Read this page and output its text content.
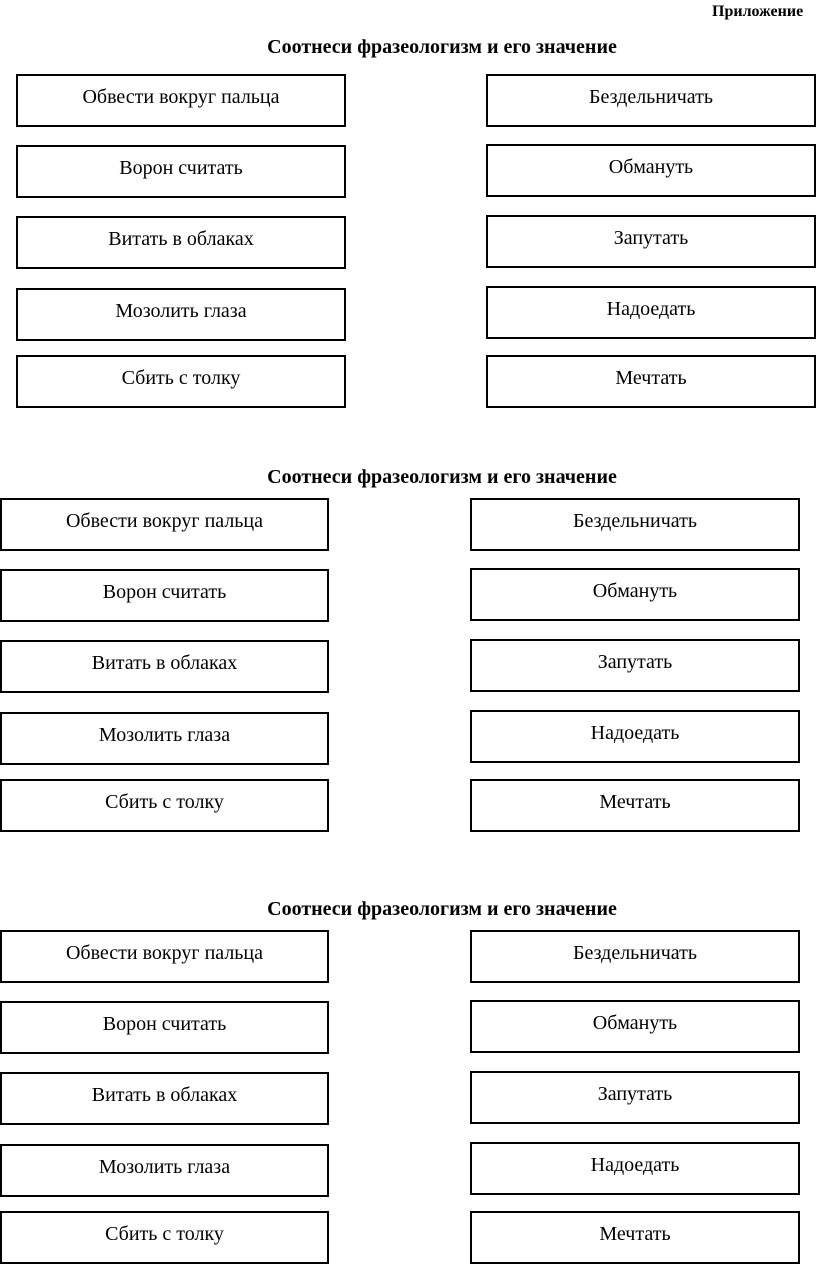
Приложение
Соотнеси фразеологизм и его значение
Обвести вокруг пальца
Ворон считать
Витать в облаках
Мозолить глаза
Сбить с толку
Бездельничать
Обмануть
Запутать
Надоедать
Мечтать
Соотнеси фразеологизм и его значение
Обвести вокруг пальца
Ворон считать
Витать в облаках
Мозолить глаза
Сбить с толку
Бездельничать
Обмануть
Запутать
Надоедать
Мечтать
Соотнеси фразеологизм и его значение
Обвести вокруг пальца
Ворон считать
Витать в облаках
Мозолить глаза
Сбить с толку
Бездельничать
Обмануть
Запутать
Надоедать
Мечтать
